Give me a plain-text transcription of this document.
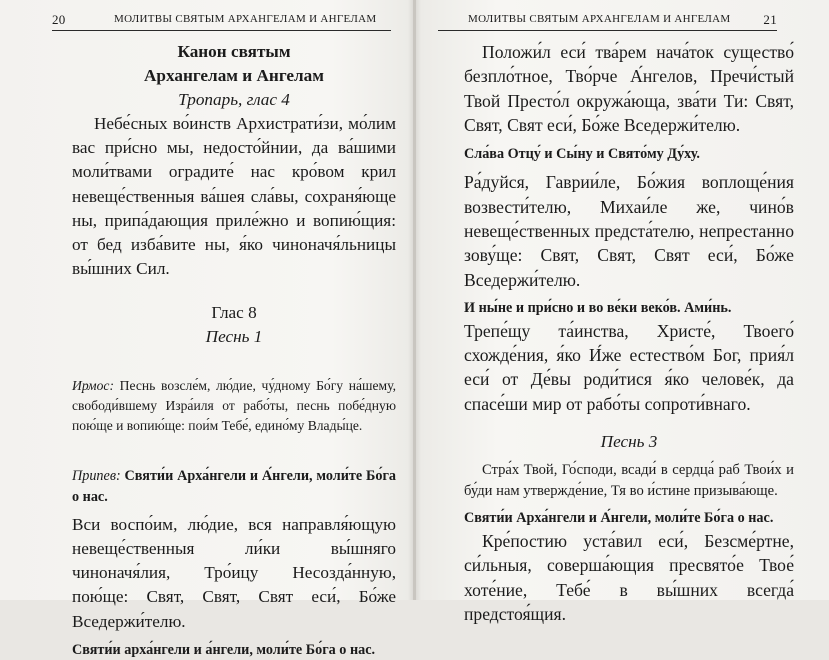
20	МОЛИТВЫ СВЯТЫМ АРХАНГЕЛАМ И АНГЕЛАМ

Канон святым
Архангелам и Ангелам

Тропарь, глас 4

Небе́сных во́инств Архистрати́зи, мо́лим вас при́сно мы, недосто́йнии, да ва́шими моли́твами оградите́ нас кро́вом крил невеще́ственныя ва́шея сла́вы, сохраня́юще ны, припа́дающия приле́жно и вопию́щия: от бед изба́вите ны, я́ко чиноначя́льницы вы́шних Сил.

Глас 8

Песнь 1

Ирмос: Песнь возсле́м, лю́дие, чу́дному Бо́гу на́шему, свободи́вшему Изра́иля от рабо́ты, песнь побе́дную пою́ще и вопию́ще: пои́м Тебе́, едино́му Влады́це.

Припев: Святи́и Арха́нгели и А́нгели, моли́те Бо́га о нас.

Вси воспо́им, лю́дие, вся направля́ющую невеще́ственныя ли́ки вы́шняго чиноначя́лия, Тро́ицу Несозда́нную, пою́ще: Свят, Свят, Свят еси́, Бо́же Вседержи́телю.

Святи́и арха́нгели и а́нгели, моли́те Бо́га о нас.

МОЛИТВЫ СВЯТЫМ АРХАНГЕЛАМ И АНГЕЛАМ	21

Положи́л еси́ тва́рем нача́ток существо́ безпло́тное, Тво́рче А́нгелов, Пречи́стый Твой Престо́л окружа́юща, зва́ти Ти: Свят, Свят, Свят еси́, Бо́же Вседержи́телю.

Сла́ва Отцу́ и Сы́ну и Свято́му Ду́ху.

Ра́дуйся, Гаврии́ле, Бо́жия воплоще́ния возвести́телю, Михаи́ле же, чино́в невеще́ственных предста́телю, непрестанно зову́ще: Свят, Свят, Свят еси́, Бо́же Вседержи́телю.

И ны́не и при́сно и во ве́ки веко́в. Ами́нь.

Трепе́щу та́инства, Христе́, Твоего́ схожде́ния, я́ко И́же естество́м Бог, прия́л еси́ от Де́вы роди́тися я́ко челове́к, да спасе́ши мир от рабо́ты сопроти́внаго.

Песнь 3

Стра́х Твой, Го́споди, всади́ в сердца́ раб Твои́х и бу́ди нам утвержде́ние, Тя во и́стине призыва́юще.

Святи́и Арха́нгели и А́нгели, моли́те Бо́га о нас.

Кре́постию уста́вил еси́, Безсме́ртне, си́льныя, соверша́ющия пресвято́е Твое́ хоте́ние, Тебе́ в вы́шних всегда́ предстоя́щия.
